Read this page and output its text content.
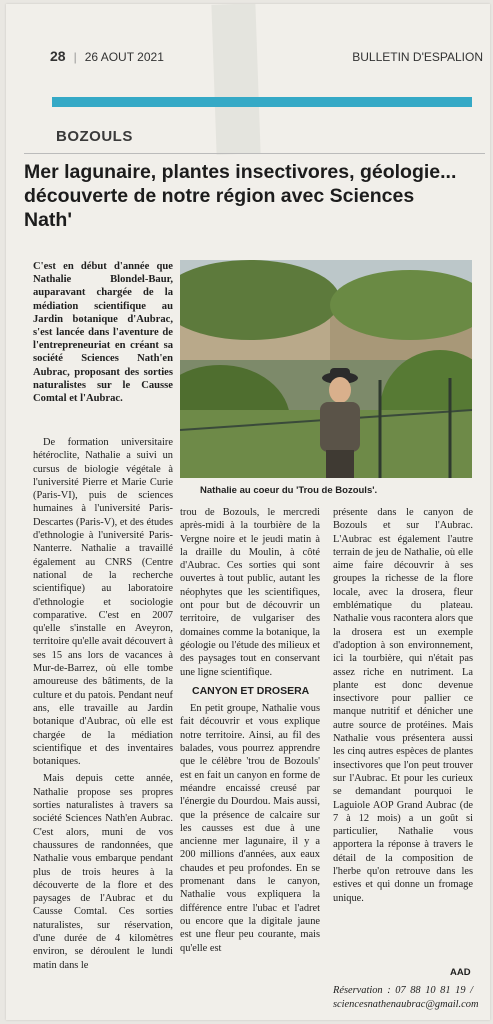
28 | 26 AOUT 2021	BULLETIN D'ESPALION
BOZOULS
Mer lagunaire, plantes insectivores, géologie... découverte de notre région avec Sciences Nath'
C'est en début d'année que Nathalie Blondel-Baur, auparavant chargée de la médiation scientifique au Jardin botanique d'Aubrac, s'est lancée dans l'aventure de l'entrepreneuriat en créant sa société Sciences Nath'en Aubrac, proposant des sorties naturalistes sur le Causse Comtal et l'Aubrac.
Nathalie au coeur du 'Trou de Bozouls'.

De formation universitaire hétéroclite, Nathalie a suivi un cursus de biologie végétale à l'université Pierre et Marie Curie (Paris-VI), puis de sciences humaines à l'université Paris-Descartes (Paris-V), et des études d'ethnologie à l'université Paris-Nanterre. Nathalie a travaillé également au CNRS (Centre national de la recherche scientifique) au laboratoire d'ethnologie et sociologie comparative. C'est en 2007 qu'elle s'installe en Aveyron, territoire qu'elle avait découvert à ses 15 ans lors de vacances à Mur-de-Barrez, où elle tombe amoureuse des bâtiments, de la culture et du patois. Pendant neuf ans, elle travaille au Jardin botanique d'Aubrac, où elle est chargée de la médiation scientifique et des inventaires botaniques.

Mais depuis cette année, Nathalie propose ses propres sorties naturalistes à travers sa société Sciences Nath'en Aubrac. C'est alors, muni de vos chaussures de randonnées, que Nathalie vous embarque pendant plus de trois heures à la découverte de la flore et des paysages de l'Aubrac et du Causse Comtal. Ces sorties naturalistes, sur réservation, d'une durée de 4 kilomètres environ, se déroulent le lundi matin dans le

trou de Bozouls, le mercredi après-midi à la tourbière de la Vergne noire et le jeudi matin à la draille du Moulin, à côté d'Aubrac. Ces sorties qui sont ouvertes à tout public, autant les néophytes que les scientifiques, ont pour but de découvrir un territoire, de vulgariser des domaines comme la botanique, la géologie ou l'étude des milieux et des paysages tout en conservant une ligne scientifique.

CANYON ET DROSERA

En petit groupe, Nathalie vous fait découvrir et vous explique notre territoire. Ainsi, au fil des balades, vous pourrez apprendre que le célèbre 'trou de Bozouls' est en fait un canyon en forme de méandre encaissé creusé par l'énergie du Dourdou. Mais aussi, que la présence de calcaire sur les causses est due à une ancienne mer lagunaire, il y a 200 millions d'années, aux eaux chaudes et peu profondes. En se promenant dans le canyon, Nathalie vous expliquera la différence entre l'ubac et l'adret ou encore que la digitale jaune est une fleur peu courante, mais qu'elle est

présente dans le canyon de Bozouls et sur l'Aubrac. L'Aubrac est également l'autre terrain de jeu de Nathalie, où elle aime faire découvrir à ses groupes la richesse de la flore locale, avec la drosera, fleur emblématique du plateau. Nathalie vous racontera alors que la drosera est un exemple d'adoption à son environnement, ici la tourbière, qui n'était pas assez riche en nutriment. La plante est donc devenue insectivore pour pallier ce manque nutritif et dénicher une autre source de protéines. Mais Nathalie vous présentera aussi les cinq autres espèces de plantes insectivores que l'on peut trouver sur l'Aubrac. Et pour les curieux se demandant pourquoi le Laguiole AOP Grand Aubrac (de 7 à 12 mois) a un goût si particulier, Nathalie vous apportera la réponse à travers le détail de la composition de l'herbe qu'on retrouve dans les estives et qui donne un fromage unique.

AAD
Réservation : 07 88 10 81 19 / sciencesnathenaubrac@gmail.com
